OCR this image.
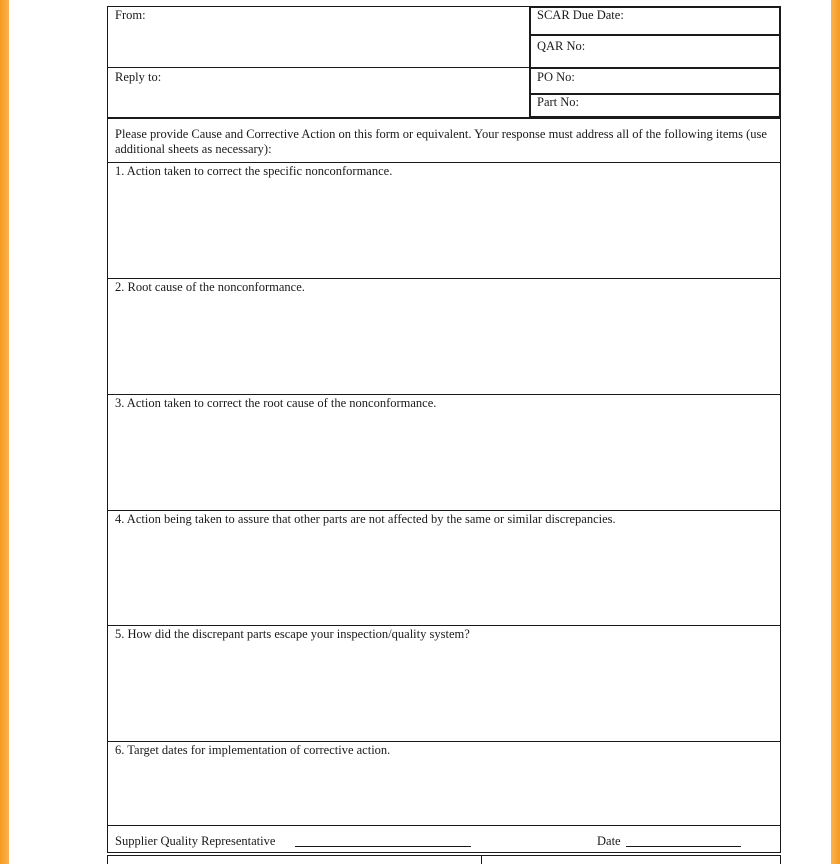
From:
Reply to:
SCAR Due Date:
QAR No:
PO No:
Part No:
Please provide Cause and Corrective Action on this form or equivalent. Your response must address all of the following items (use additional sheets as necessary):
1. Action taken to correct the specific nonconformance.
2. Root cause of the nonconformance.
3. Action taken to correct the root cause of the nonconformance.
4. Action being taken to assure that other parts are not affected by the same or similar discrepancies.
5. How did the discrepant parts escape your inspection/quality system?
6. Target dates for implementation of corrective action.
Supplier Quality Representative	Date
